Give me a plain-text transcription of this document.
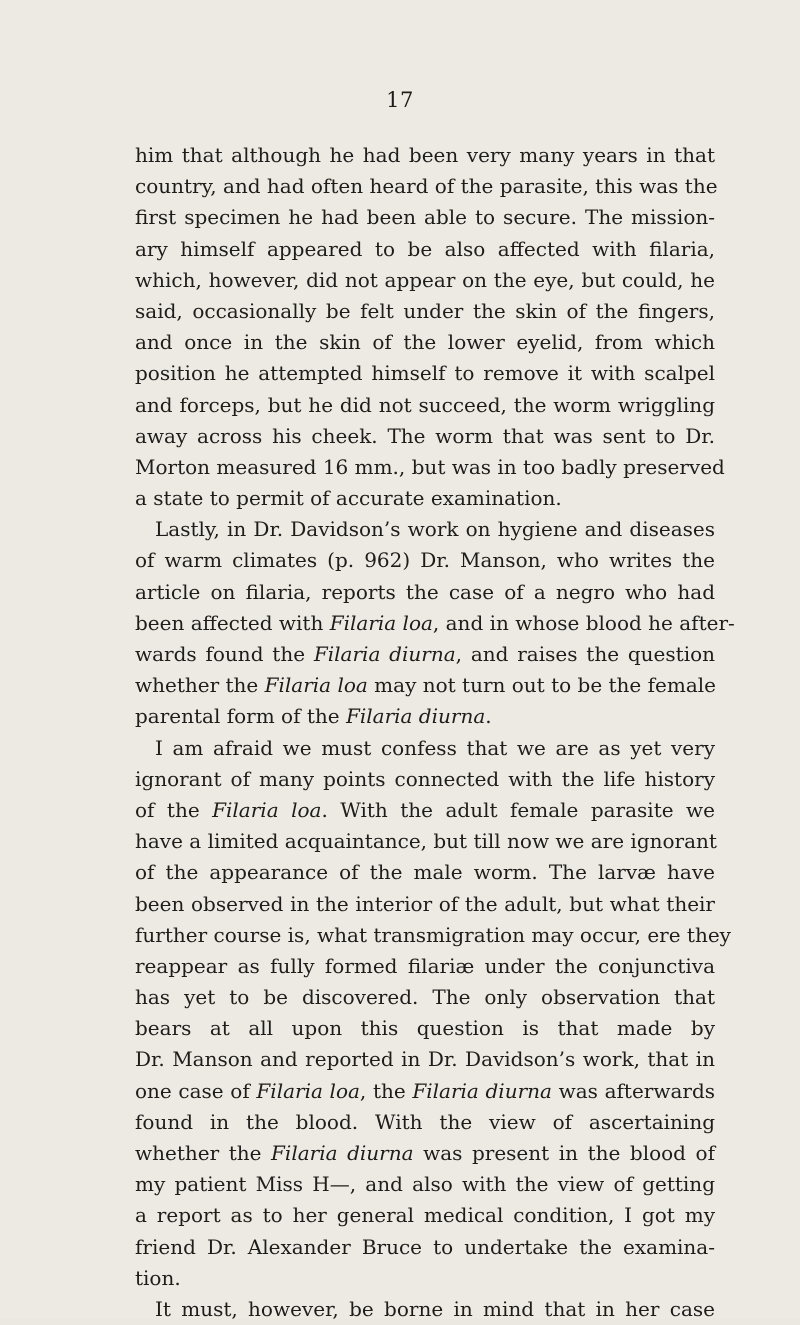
17
him that although he had been very many years in that
country, and had often heard of the parasite, this was the
first specimen he had been able to secure. The mission-
ary himself appeared to be also affected with filaria,
which, however, did not appear on the eye, but could, he
said, occasionally be felt under the skin of the fingers,
and once in the skin of the lower eyelid, from which
position he attempted himself to remove it with scalpel
and forceps, but he did not succeed, the worm wriggling
away across his cheek. The worm that was sent to Dr.
Morton measured 16 mm., but was in too badly preserved
a state to permit of accurate examination.
Lastly, in Dr. Davidson’s work on hygiene and diseases
of warm climates (p. 962) Dr. Manson, who writes the
article on filaria, reports the case of a negro who had
been affected with Filaria loa, and in whose blood he after-
wards found the Filaria diurna, and raises the question
whether the Filaria loa may not turn out to be the female
parental form of the Filaria diurna.
I am afraid we must confess that we are as yet very
ignorant of many points connected with the life history
of the Filaria loa. With the adult female parasite we
have a limited acquaintance, but till now we are ignorant
of the appearance of the male worm. The larvæ have
been observed in the interior of the adult, but what their
further course is, what transmigration may occur, ere they
reappear as fully formed filariæ under the conjunctiva
has yet to be discovered. The only observation that
bears at all upon this question is that made by
Dr. Manson and reported in Dr. Davidson’s work, that in
one case of Filaria loa, the Filaria diurna was afterwards
found in the blood. With the view of ascertaining
whether the Filaria diurna was present in the blood of
my patient Miss H—, and also with the view of getting
a report as to her general medical condition, I got my
friend Dr. Alexander Bruce to undertake the examina-
tion.
It must, however, be borne in mind that in her case
